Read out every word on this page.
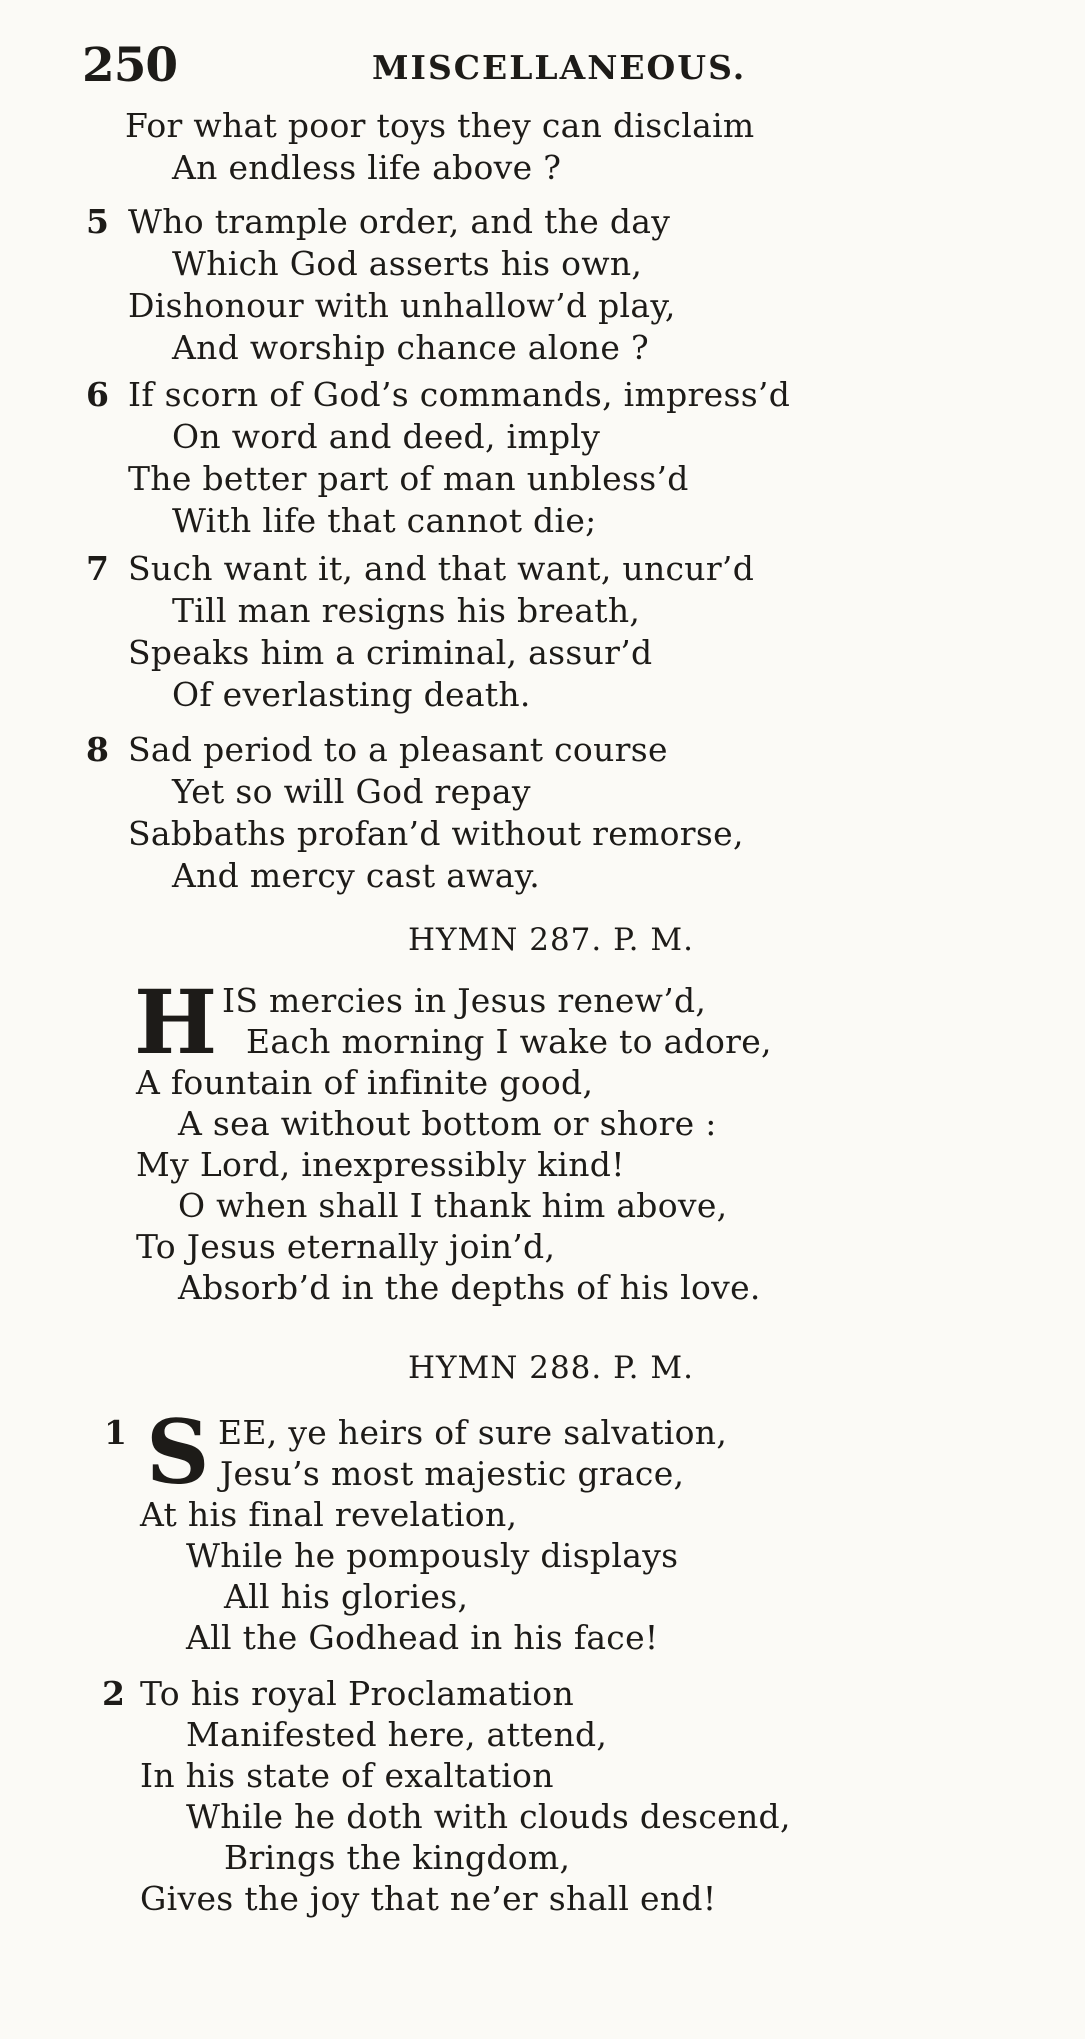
250	MISCELLANEOUS.
For what poor toys they can disclaim
An endless life above ?
5 Who trample order, and the day
Which God asserts his own,
Dishonour with unhallow’d play,
And worship chance alone ?
6 If scorn of God’s commands, impress’d
On word and deed, imply
The better part of man unbless’d
With life that cannot die;
7 Such want it, and that want, uncur’d
Till man resigns his breath,
Speaks him a criminal, assur’d
Of everlasting death.
8 Sad period to a pleasant course
Yet so will God repay
Sabbaths profan’d without remorse,
And mercy cast away.
HYMN 287. P. M.
H IS mercies in Jesus renew’d,
Each morning I wake to adore,
A fountain of infinite good,
A sea without bottom or shore :
My Lord, inexpressibly kind!
O when shall I thank him above,
To Jesus eternally join’d,
Absorb’d in the depths of his love.
HYMN 288. P. M.
1 S EE, ye heirs of sure salvation,
Jesu’s most majestic grace,
At his final revelation,
While he pompously displays
All his glories,
All the Godhead in his face!
2 To his royal Proclamation
Manifested here, attend,
In his state of exaltation
While he doth with clouds descend,
Brings the kingdom,
Gives the joy that ne’er shall end!
